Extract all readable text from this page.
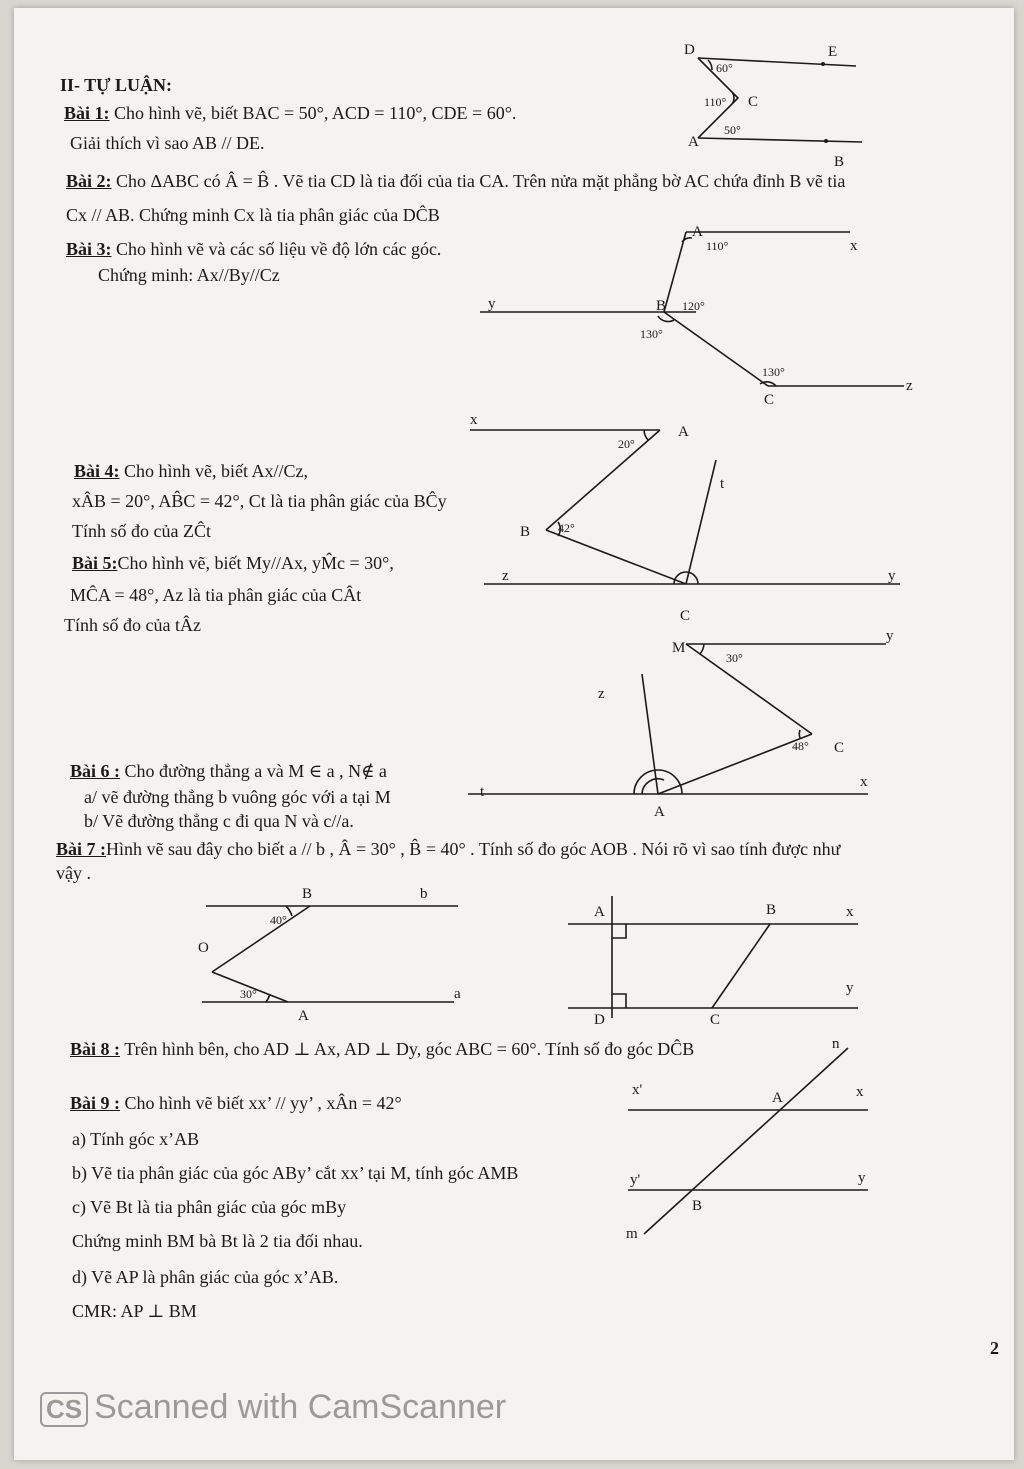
II- TỰ LUẬN:
Bài 1: Cho hình vẽ, biết BAC = 50°, ACD = 110°, CDE = 60°.
Giải thích vì sao AB // DE.
D	E
C
A
B
60°
110°
50°
Bài 2: Cho ΔABC có Â = B̂ . Vẽ tia CD là tia đối của tia CA. Trên nửa mặt phẳng bờ AC chứa đỉnh B vẽ tia
Cx // AB. Chứng minh Cx là tia phân giác của DĈB
Bài 3: Cho hình vẽ và các số liệu về độ lớn các góc.
Chứng minh: Ax//By//Cz
A
x
y	B
C
z
110°
120°
130°
130°
x
A
t
B
z	y
C
20°
42°
Bài 4: Cho hình vẽ, biết Ax//Cz,
xÂB = 20°, AB̂C = 42°, Ct là tia phân giác của BĈy
Tính số đo của ZĈt
Bài 5:Cho hình vẽ, biết My//Ax, yM̂c = 30°,
MĈA = 48°, Az là tia phân giác của CÂt
Tính số đo của tÂz
M
y
z
C
x
t
A
30°
48°
Bài 6 : Cho đường thẳng a và M ∈ a , N∉ a
a/ vẽ đường thẳng b vuông góc với a tại M
b/ Vẽ đường thẳng c đi qua N và c//a.
Bài 7 :Hình vẽ sau đây cho biết a // b , Â = 30° , B̂ = 40° . Tính số đo góc AOB . Nói rõ vì sao tính được như
vậy .
B	b
O
A
a
40°
30°
A	B	x
y
D	C
Bài 8 : Trên hình bên, cho AD ⊥ Ax, AD ⊥ Dy, góc ABC = 60°. Tính số đo góc DĈB
Bài 9 : Cho hình vẽ biết xx’ // yy’ , xÂn = 42°
a) Tính góc x’AB
b) Vẽ tia phân giác của góc ABy’ cắt xx’ tại M, tính góc AMB
c) Vẽ Bt là tia phân giác của góc mBy
Chứng minh BM bà Bt là 2 tia đối nhau.
d) Vẽ AP là phân giác của góc x’AB.
CMR: AP ⊥ BM
n
x'	A	x
y'	y
B
m
2
CS Scanned with CamScanner
